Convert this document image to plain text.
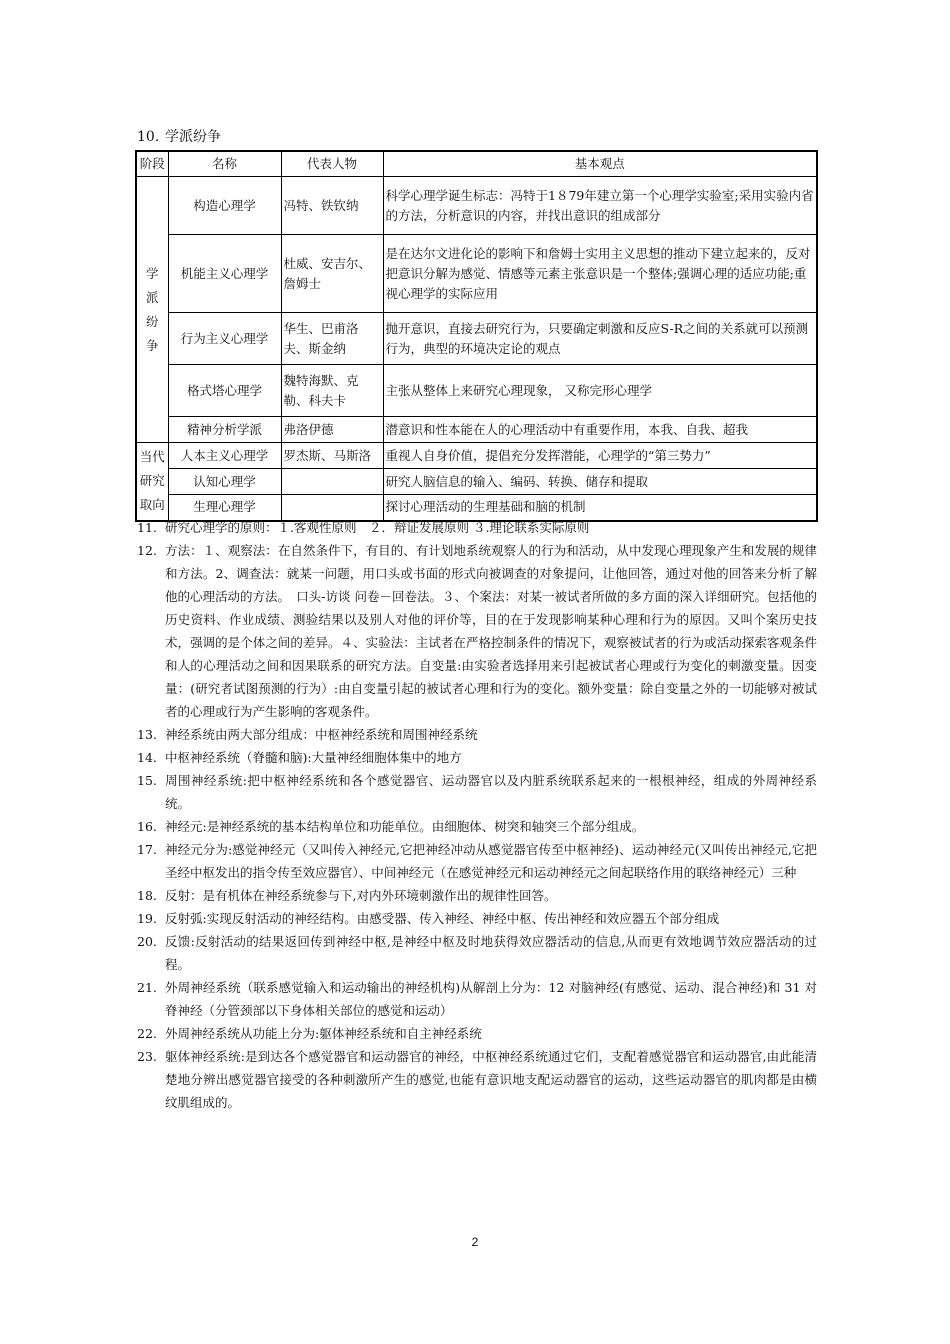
10. 学派纷争
阶段	名称	代表人物	基本观点

学
派
纷
争	构造心理学	冯特、铁钦纳	科学心理学诞生标志：冯特于1８79年建立第一个心理学实验室;采用实验内省的方法，分析意识的内容，并找出意识的组成部分
	机能主义心理学	杜威、安吉尔、詹姆士	是在达尔文进化论的影响下和詹姆士实用主义思想的推动下建立起来的，反对把意识分解为感觉、情感等元素主张意识是一个整体;强调心理的适应功能;重视心理学的实际应用
	行为主义心理学	华生、巴甫洛夫、斯金纳	抛开意识，直接去研究行为，只要确定刺激和反应S-R之间的关系就可以预测行为，典型的环境决定论的观点
	格式塔心理学	魏特海默、克勒、科夫卡	主张从整体上来研究心理现象， 又称完形心理学
	精神分析学派	弗洛伊德	潜意识和性本能在人的心理活动中有重要作用，本我、自我、超我

当代
研究
取向	人本主义心理学	罗杰斯、马斯洛	重视人自身价值，提倡充分发挥潜能，心理学的“第三势力”
	认知心理学		研究人脑信息的输入、编码、转换、储存和提取
	生理心理学		探讨心理活动的生理基础和脑的机制
11. 研究心理学的原则：１.客观性原则　２．辩证发展原则 ３.理论联系实际原则
12. 方法：１、观察法：在自然条件下，有目的、有计划地系统观察人的行为和活动，从中发现心理现象产生和发展的规律和方法。2、调查法：就某一问题，用口头或书面的形式向被调查的对象提问，让他回答，通过对他的回答来分析了解他的心理活动的方法。　口头-访谈 问卷－回卷法。３、个案法：对某一被试者所做的多方面的深入详细研究。包括他的历史资料、作业成绩、测验结果以及别人对他的评价等，目的在于发现影响某种心理和行为的原因。又叫个案历史技术，强调的是个体之间的差异。４、实验法：主试者在严格控制条件的情况下，观察被试者的行为或活动探索客观条件和人的心理活动之间和因果联系的研究方法。自变量:由实验者选择用来引起被试者心理或行为变化的刺激变量。因变量：(研究者试图预测的行为）:由自变量引起的被试者心理和行为的变化。额外变量：除自变量之外的一切能够对被试者的心理或行为产生影响的客观条件。
13. 神经系统由两大部分组成：中枢神经系统和周围神经系统
14. 中枢神经系统（脊髓和脑):大量神经细胞体集中的地方
15. 周围神经系统:把中枢神经系统和各个感觉器官、运动器官以及内脏系统联系起来的一根根神经，组成的外周神经系统。
16. 神经元:是神经系统的基本结构单位和功能单位。由细胞体、树突和轴突三个部分组成。
17. 神经元分为:感觉神经元（又叫传入神经元,它把神经冲动从感觉器官传至中枢神经)、运动神经元(又叫传出神经元,它把圣经中枢发出的指令传至效应器官）、中间神经元（在感觉神经元和运动神经元之间起联络作用的联络神经元）三种
18. 反射：是有机体在神经系统参与下,对内外环境刺激作出的规律性回答。
19. 反射弧:实现反射活动的神经结构。由感受器、传入神经、神经中枢、传出神经和效应器五个部分组成
20. 反馈:反射活动的结果返回传到神经中枢,是神经中枢及时地获得效应器活动的信息,从而更有效地调节效应器活动的过程。
21. 外周神经系统（联系感觉输入和运动输出的神经机构)从解剖上分为：12 对脑神经(有感觉、运动、混合神经)和 31 对脊神经（分管颈部以下身体相关部位的感觉和运动）
22. 外周神经系统从功能上分为:躯体神经系统和自主神经系统
23. 躯体神经系统:是到达各个感觉器官和运动器官的神经，中枢神经系统通过它们，支配着感觉器官和运动器官,由此能清楚地分辨出感觉器官接受的各种刺激所产生的感觉,也能有意识地支配运动器官的运动，这些运动器官的肌肉都是由横纹肌组成的。
2
